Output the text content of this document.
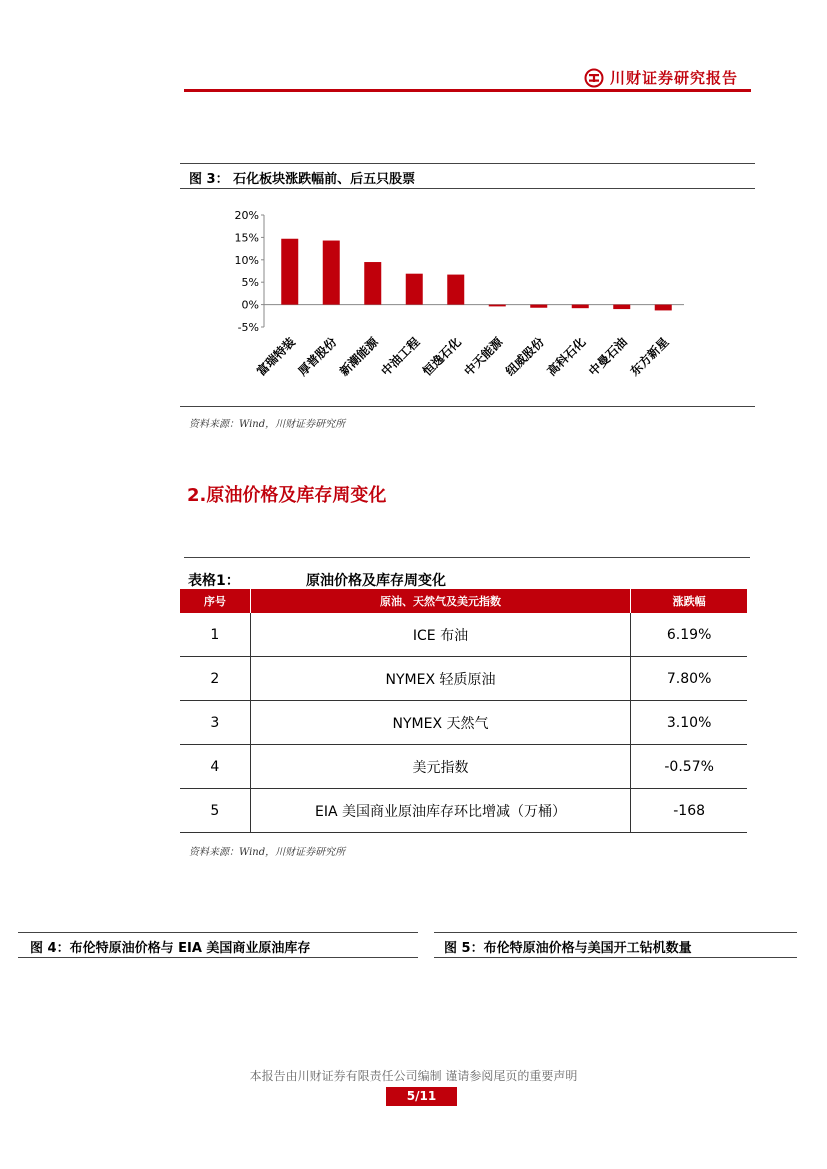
川财证券研究报告
图 3： 石化板块涨跌幅前、后五只股票
-5%
0%
5%
10%
15%
20%
富瑞特装
厚普股份
新潮能源
中油工程
恒逸石化
中天能源
纽威股份
高科石化
中曼石油
东方新星
资料来源：Wind，川财证券研究所
2.原油价格及库存周变化
表格1：	原油价格及库存周变化
序号	原油、天然气及美元指数	涨跌幅
1	ICE 布油	6.19%
2	NYMEX 轻质原油	7.80%
3	NYMEX 天然气	3.10%
4	美元指数	-0.57%
5	EIA 美国商业原油库存环比增减（万桶）	-168
资料来源：Wind，川财证券研究所
图 4：布伦特原油价格与 EIA 美国商业原油库存	图 5：布伦特原油价格与美国开工钻机数量
本报告由川财证券有限责任公司编制 谨请参阅尾页的重要声明
5/11
